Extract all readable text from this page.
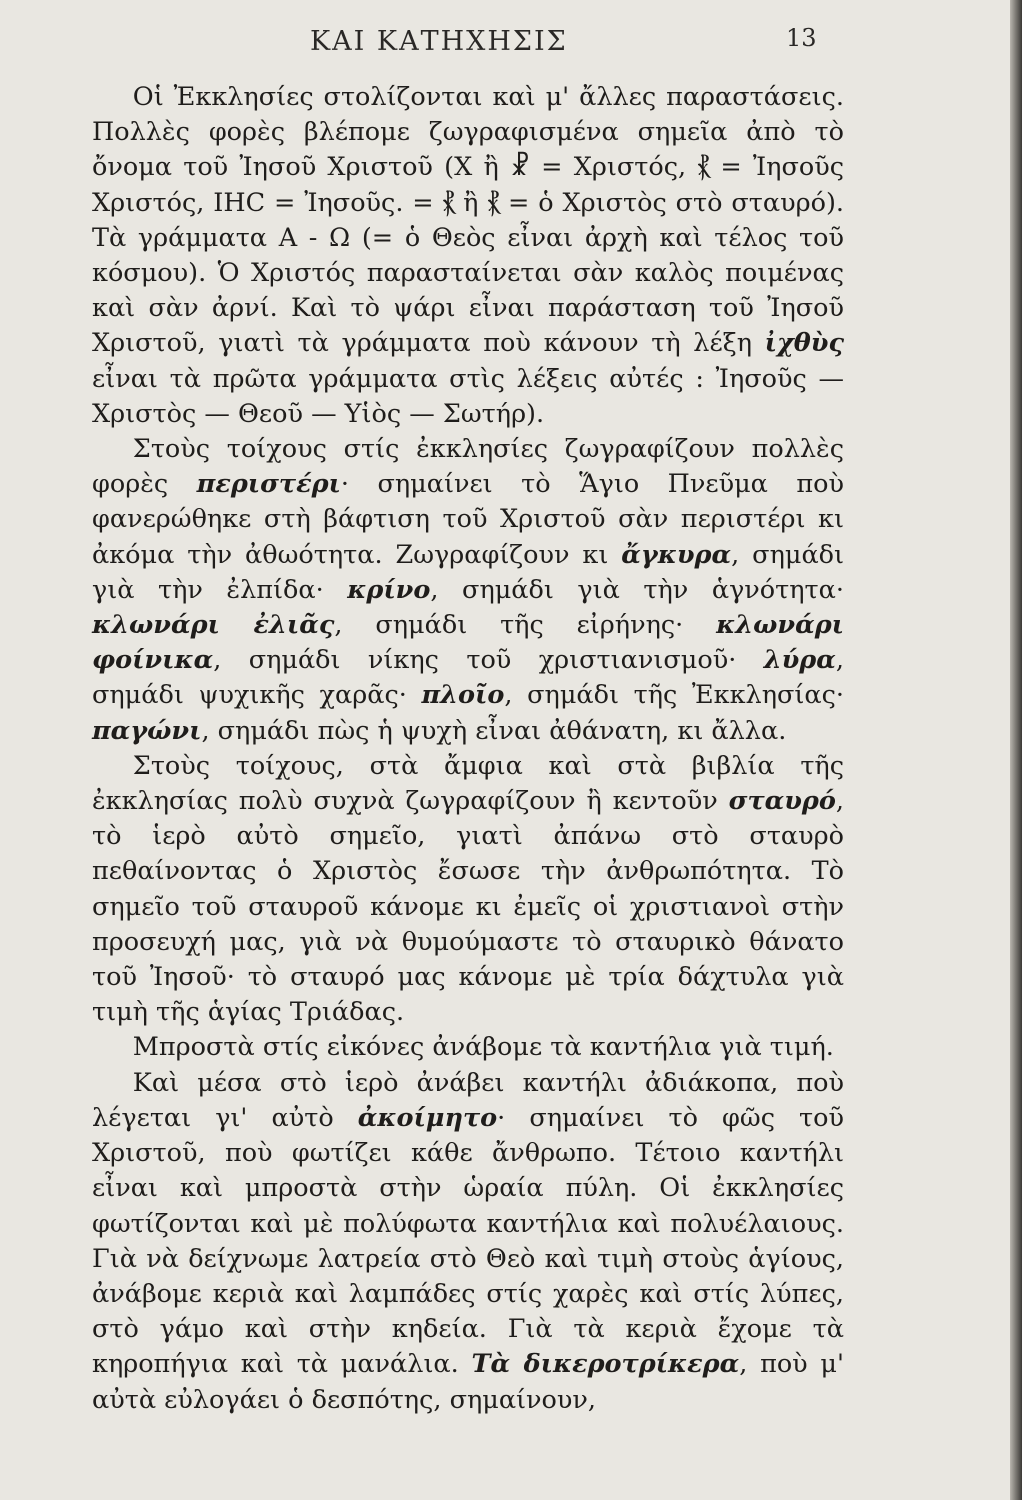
ΚΑΙ ΚΑΤΗΧΗΣΙΣ	13

Οἱ Ἐκκλησίες στολίζονται καὶ μ' ἄλλες παραστάσεις. Πολλὲς φορὲς βλέπομε ζωγραφισμένα σημεῖα ἀπὸ τὸ ὄνομα τοῦ Ἰησοῦ Χριστοῦ (Χ ἢ ☧ = Χριστός, ⳩ = Ἰησοῦς Χριστός, ΙΗC = Ἰησοῦς. = ⳩ ἢ ⳩ = ὁ Χριστὸς στὸ σταυρό). Τὰ γράμματα Α - Ω (= ὁ Θεὸς εἶναι ἀρχὴ καὶ τέλος τοῦ κόσμου). Ὁ Χριστός παρασταίνεται σὰν καλὸς ποιμένας καὶ σὰν ἀρνί. Καὶ τὸ ψάρι εἶναι παράσταση τοῦ Ἰησοῦ Χριστοῦ, γιατὶ τὰ γράμματα ποὺ κάνουν τὴ λέξη ἰχθὺς εἶναι τὰ πρῶτα γράμματα στὶς λέξεις αὐτές : Ἰησοῦς — Χριστὸς — Θεοῦ — Υἱὸς — Σωτήρ).

Στοὺς τοίχους στίς ἐκκλησίες ζωγραφίζουν πολλὲς φορὲς περιστέρι· σημαίνει τὸ Ἅγιο Πνεῦμα ποὺ φανερώθηκε στὴ βάφτιση τοῦ Χριστοῦ σὰν περιστέρι κι ἀκόμα τὴν ἀθωότητα. Ζωγραφίζουν κι ἄγκυρα, σημάδι γιὰ τὴν ἐλπίδα· κρίνο, σημάδι γιὰ τὴν ἁγνότητα· κλωνάρι ἐλιᾶς, σημάδι τῆς εἰρήνης· κλωνάρι φοίνικα, σημάδι νίκης τοῦ χριστιανισμοῦ· λύρα, σημάδι ψυχικῆς χαρᾶς· πλοῖο, σημάδι τῆς Ἐκκλησίας· παγώνι, σημάδι πὼς ἡ ψυχὴ εἶναι ἀθάνατη, κι ἄλλα.

Στοὺς τοίχους, στὰ ἄμφια καὶ στὰ βιβλία τῆς ἐκκλησίας πολὺ συχνὰ ζωγραφίζουν ἢ κεντοῦν σταυρό, τὸ ἱερὸ αὐτὸ σημεῖο, γιατὶ ἀπάνω στὸ σταυρὸ πεθαίνοντας ὁ Χριστὸς ἔσωσε τὴν ἀνθρωπότητα. Τὸ σημεῖο τοῦ σταυροῦ κάνομε κι ἐμεῖς οἱ χριστιανοὶ στὴν προσευχή μας, γιὰ νὰ θυμούμαστε τὸ σταυρικὸ θάνατο τοῦ Ἰησοῦ· τὸ σταυρό μας κάνομε μὲ τρία δάχτυλα γιὰ τιμὴ τῆς ἁγίας Τριάδας.

Μπροστὰ στίς εἰκόνες ἀνάβομε τὰ καντήλια γιὰ τιμή.

Καὶ μέσα στὸ ἱερὸ ἀνάβει καντήλι ἀδιάκοπα, ποὺ λέγεται γι' αὐτὸ ἀκοίμητο· σημαίνει τὸ φῶς τοῦ Χριστοῦ, ποὺ φωτίζει κάθε ἄνθρωπο. Τέτοιο καντήλι εἶναι καὶ μπροστὰ στὴν ὡραία πύλη. Οἱ ἐκκλησίες φωτίζονται καὶ μὲ πολύφωτα καντήλια καὶ πολυέλαιους. Γιὰ νὰ δείχνωμε λατρεία στὸ Θεὸ καὶ τιμὴ στοὺς ἁγίους, ἀνάβομε κεριὰ καὶ λαμπάδες στίς χαρὲς καὶ στίς λύπες, στὸ γάμο καὶ στὴν κηδεία. Γιὰ τὰ κεριὰ ἔχομε τὰ κηροπήγια καὶ τὰ μανάλια. Τὰ δικεροτρίκερα, ποὺ μ' αὐτὰ εὐλογάει ὁ δεσπότης, σημαίνουν,
